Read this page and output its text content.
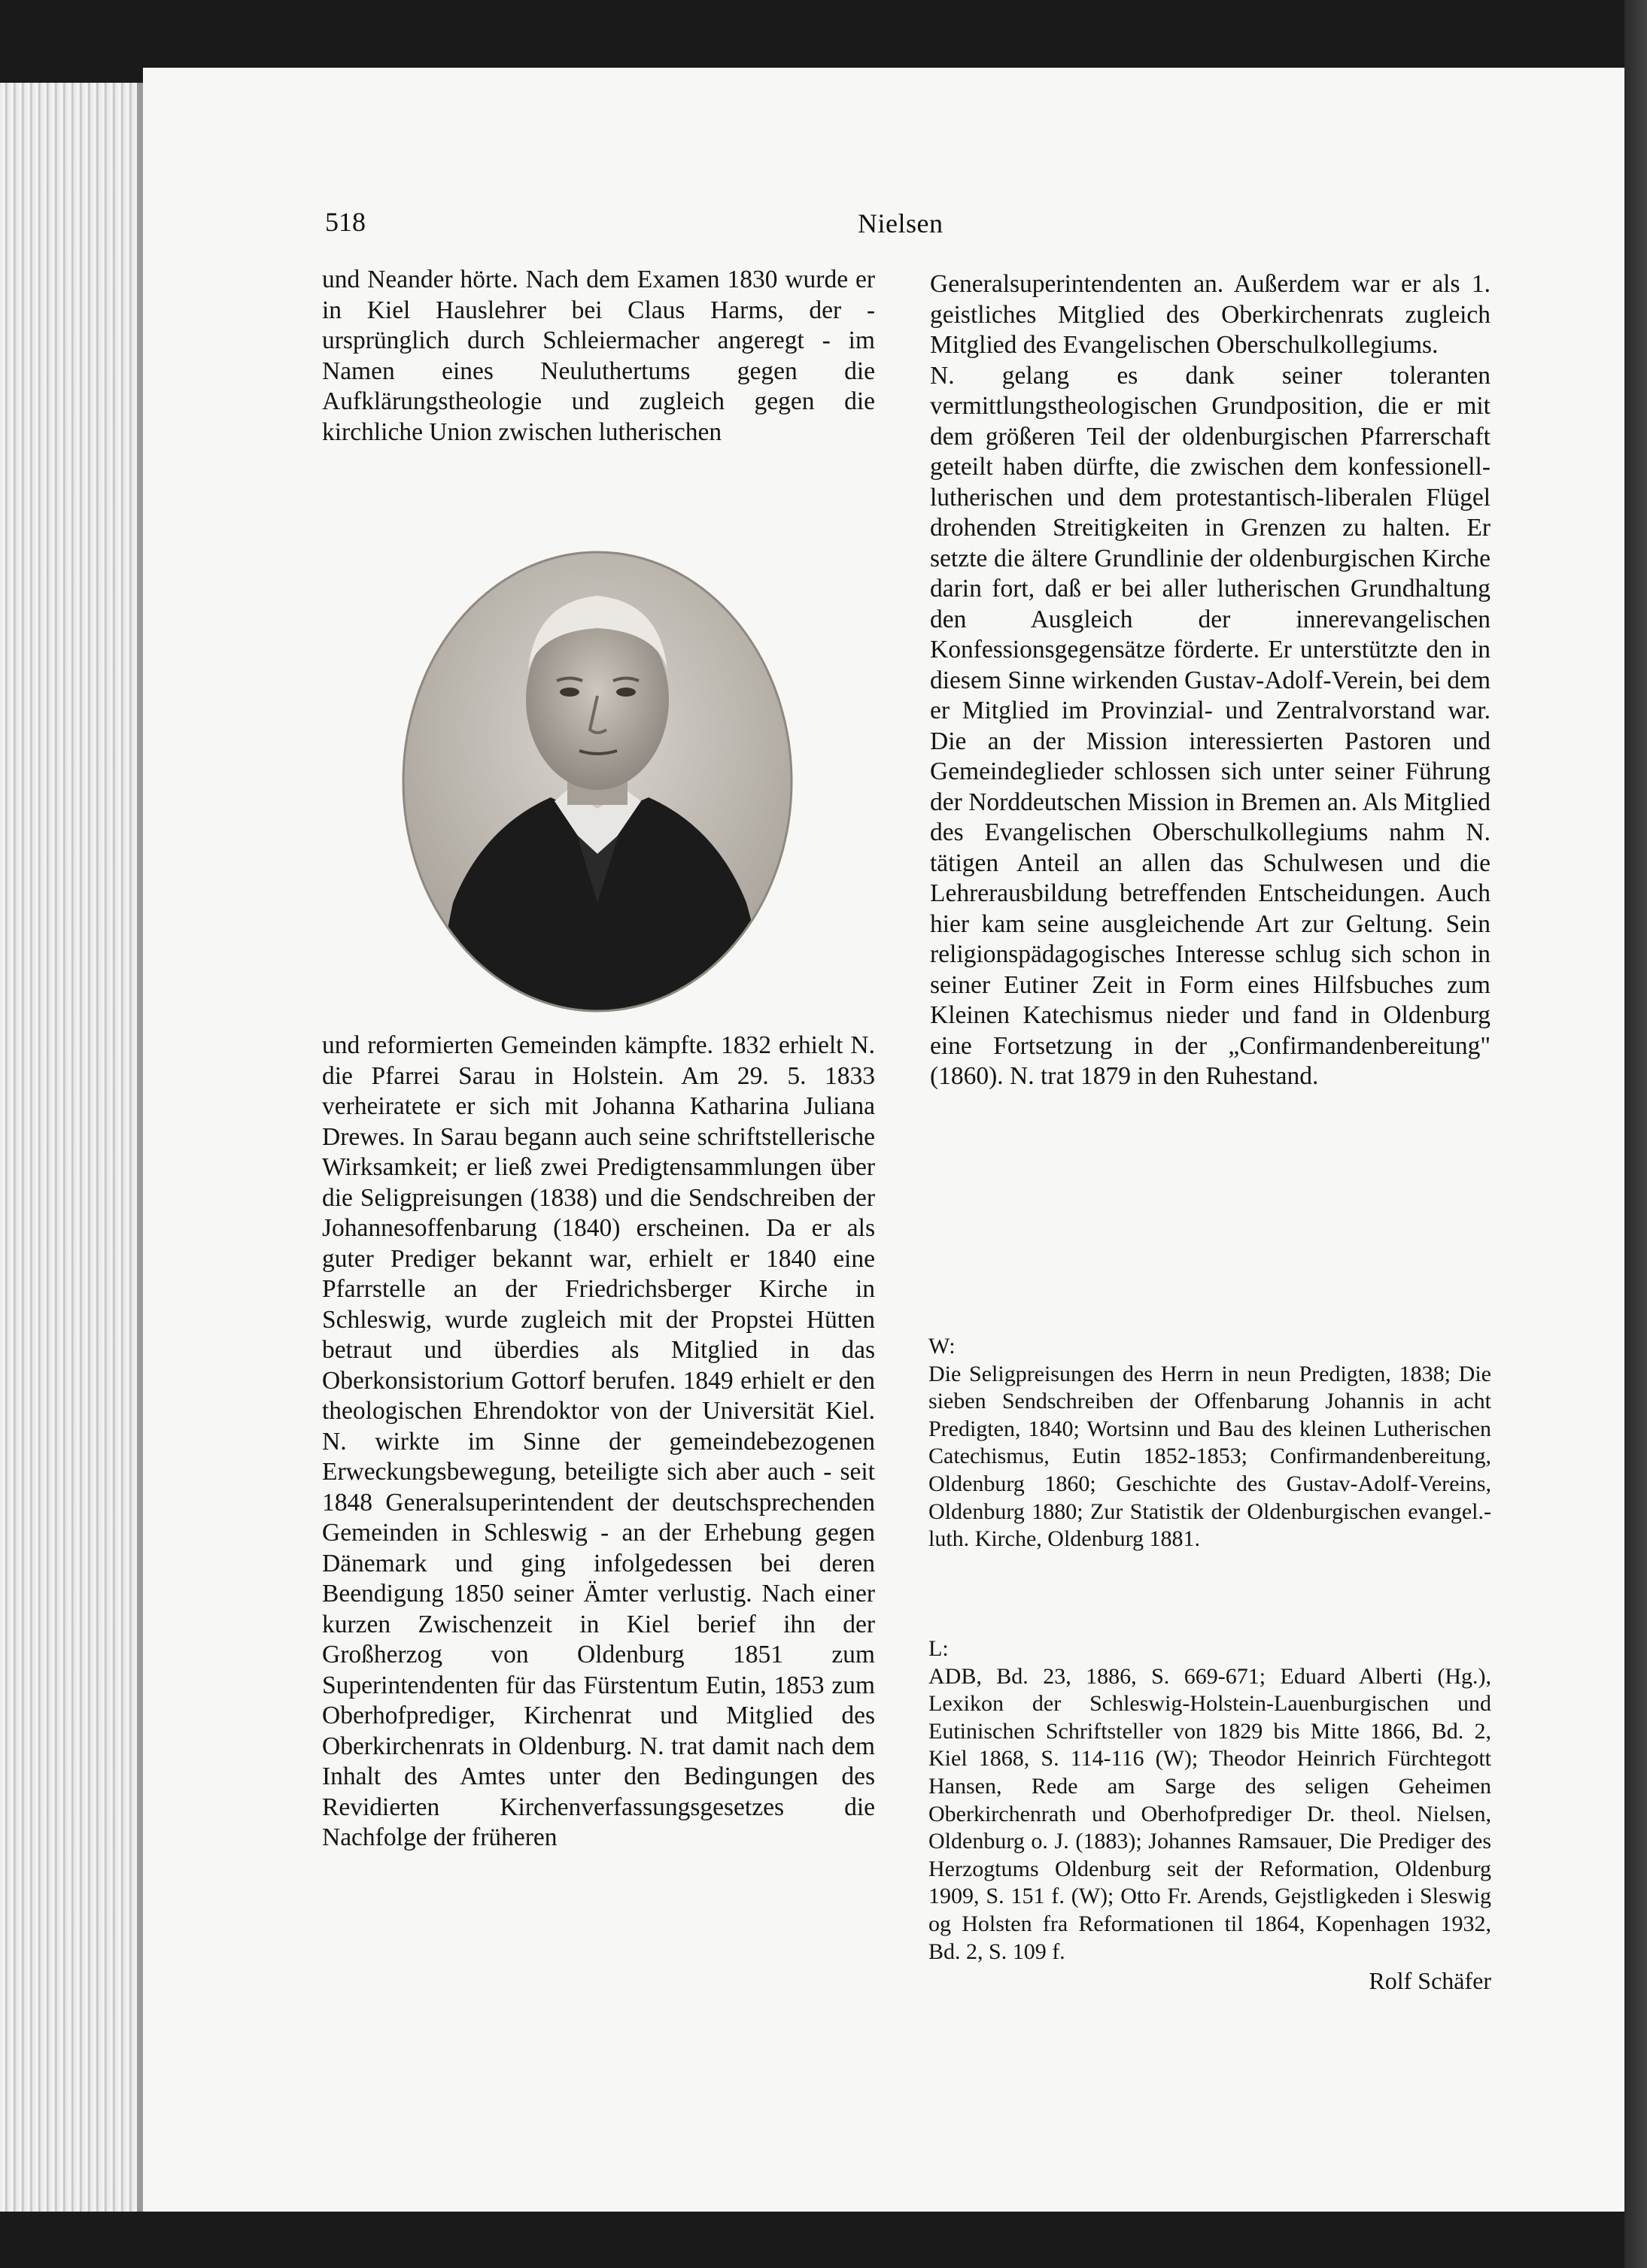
518	Nielsen

und Neander hörte. Nach dem Examen 1830 wurde er in Kiel Hauslehrer bei Claus Harms, der - ursprünglich durch Schleiermacher angeregt - im Namen eines Neuluthertums gegen die Aufklärungstheologie und zugleich gegen die kirchliche Union zwischen lutherischen

und reformierten Gemeinden kämpfte. 1832 erhielt N. die Pfarrei Sarau in Holstein. Am 29. 5. 1833 verheiratete er sich mit Johanna Katharina Juliana Drewes. In Sarau begann auch seine schriftstellerische Wirksamkeit; er ließ zwei Predigtensammlungen über die Seligpreisungen (1838) und die Sendschreiben der Johannesoffenbarung (1840) erscheinen. Da er als guter Prediger bekannt war, erhielt er 1840 eine Pfarrstelle an der Friedrichsberger Kirche in Schleswig, wurde zugleich mit der Propstei Hütten betraut und überdies als Mitglied in das Oberkonsistorium Gottorf berufen. 1849 erhielt er den theologischen Ehrendoktor von der Universität Kiel. N. wirkte im Sinne der gemeindebezogenen Erweckungsbewegung, beteiligte sich aber auch - seit 1848 Generalsuperintendent der deutschsprechenden Gemeinden in Schleswig - an der Erhebung gegen Dänemark und ging infolgedessen bei deren Beendigung 1850 seiner Ämter verlustig. Nach einer kurzen Zwischenzeit in Kiel berief ihn der Großherzog von Oldenburg 1851 zum Superintendenten für das Fürstentum Eutin, 1853 zum Oberhofprediger, Kirchenrat und Mitglied des Oberkirchenrats in Oldenburg. N. trat damit nach dem Inhalt des Amtes unter den Bedingungen des Revidierten Kirchenverfassungsgesetzes die Nachfolge der früheren

Generalsuperintendenten an. Außerdem war er als 1. geistliches Mitglied des Oberkirchenrats zugleich Mitglied des Evangelischen Oberschulkollegiums.

N. gelang es dank seiner toleranten vermittlungstheologischen Grundposition, die er mit dem größeren Teil der oldenburgischen Pfarrerschaft geteilt haben dürfte, die zwischen dem konfessionell-lutherischen und dem protestantisch-liberalen Flügel drohenden Streitigkeiten in Grenzen zu halten. Er setzte die ältere Grundlinie der oldenburgischen Kirche darin fort, daß er bei aller lutherischen Grundhaltung den Ausgleich der innerevangelischen Konfessionsgegensätze förderte. Er unterstützte den in diesem Sinne wirkenden Gustav-Adolf-Verein, bei dem er Mitglied im Provinzial- und Zentralvorstand war. Die an der Mission interessierten Pastoren und Gemeindeglieder schlossen sich unter seiner Führung der Norddeutschen Mission in Bremen an. Als Mitglied des Evangelischen Oberschulkollegiums nahm N. tätigen Anteil an allen das Schulwesen und die Lehrerausbildung betreffenden Entscheidungen. Auch hier kam seine ausgleichende Art zur Geltung. Sein religionspädagogisches Interesse schlug sich schon in seiner Eutiner Zeit in Form eines Hilfsbuches zum Kleinen Katechismus nieder und fand in Oldenburg eine Fortsetzung in der „Confirmandenbereitung" (1860). N. trat 1879 in den Ruhestand.

W:

Die Seligpreisungen des Herrn in neun Predigten, 1838; Die sieben Sendschreiben der Offenbarung Johannis in acht Predigten, 1840; Wortsinn und Bau des kleinen Lutherischen Catechismus, Eutin 1852-1853; Confirmandenbereitung, Oldenburg 1860; Geschichte des Gustav-Adolf-Vereins, Oldenburg 1880; Zur Statistik der Oldenburgischen evangel.-luth. Kirche, Oldenburg 1881.

L:

ADB, Bd. 23, 1886, S. 669-671; Eduard Alberti (Hg.), Lexikon der Schleswig-Holstein-Lauenburgischen und Eutinischen Schriftsteller von 1829 bis Mitte 1866, Bd. 2, Kiel 1868, S. 114-116 (W); Theodor Heinrich Fürchtegott Hansen, Rede am Sarge des seligen Geheimen Oberkirchenrath und Oberhofprediger Dr. theol. Nielsen, Oldenburg o. J. (1883); Johannes Ramsauer, Die Prediger des Herzogtums Oldenburg seit der Reformation, Oldenburg 1909, S. 151 f. (W); Otto Fr. Arends, Gejstligkeden i Sleswig og Holsten fra Reformationen til 1864, Kopenhagen 1932, Bd. 2, S. 109 f.

Rolf Schäfer
